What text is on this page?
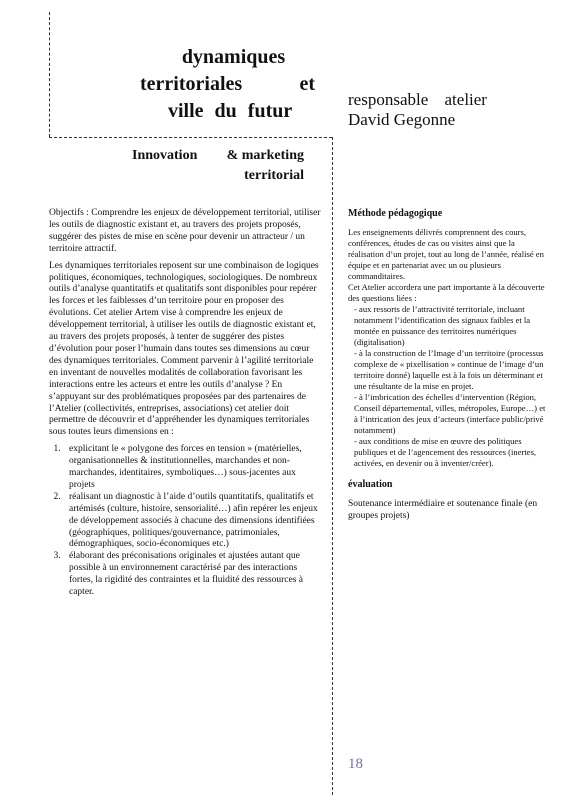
dynamiques
territoriales	et
ville du futur
responsable atelier
David Gegonne
Innovation & marketing
territorial

Objectifs : Comprendre les enjeux de développement territorial, utiliser les outils de diagnostic existant et, au travers des projets proposés, suggérer des pistes de mise en scène pour devenir un attracteur / un territoire attractif.

Les dynamiques territoriales reposent sur une combinaison de logiques politiques, économiques, technologiques, sociologiques. De nombreux outils d’analyse quantitatifs et qualitatifs sont disponibles pour repérer les forces et les faiblesses d’un territoire pour en proposer des évolutions. Cet atelier Artem vise à comprendre les enjeux de développement territorial, à utiliser les outils de diagnostic existant et, au travers des projets proposés, à tenter de suggérer des pistes d’évolution pour poser l’humain dans toutes ses dimensions au cœur des dynamiques territoriales. Comment parvenir à l’agilité territoriale en inventant de nouvelles modalités de collaboration favorisant les interactions entre les acteurs et entre les outils d’analyse ? En s’appuyant sur des problématiques proposées par des partenaires de l’Atelier (collectivités, entreprises, associations) cet atelier doit permettre de découvrir et d’appréhender les dynamiques territoriales sous toutes leurs dimensions en :

1. explicitant le « polygone des forces en tension » (matérielles, organisationnelles & institutionnelles, marchandes et non-marchandes, identitaires, symboliques…) sous-jacentes aux projets
2. réalisant un diagnostic à l’aide d’outils quantitatifs, qualitatifs et artémisés (culture, histoire, sensorialité…) afin repérer les enjeux de développement associés à chacune des dimensions identifiées (géographiques, politiques/gouvernance, patrimoniales, démographiques, socio-économiques etc.)
3. élaborant des préconisations originales et ajustées autant que possible à un environnement caractérisé par des interactions fortes, la rigidité des contraintes et la fluidité des ressources à capter.
Méthode pédagogique

Les enseignements délivrés comprennent des cours, conférences, études de cas ou visites ainsi que la réalisation d’un projet, tout au long de l’année, réalisé en équipe et en partenariat avec un ou plusieurs commanditaires.

Cet Atelier accordera une part importante à la découverte des questions liées :

- aux ressorts de l’attractivité territoriale, incluant notamment l’identification des signaux faibles et la montée en puissance des territoires numériques (digitalisation)
- à la construction de l’Image d’un territoire (processus complexe de « pixellisation » continue de l’image d’un territoire donné) laquelle est à la fois un déterminant et une résultante de la mise en projet.
- à l’imbrication des échelles d’intervention (Région, Conseil départemental, villes, métropoles, Europe…) et à l’intrication des jeux d’acteurs (interface public/privé notamment)
- aux conditions de mise en œuvre des politiques publiques et de l’agencement des ressources (inertes, activées, en devenir ou à inventer/créer).
évaluation
Soutenance intermédiaire et soutenance finale (en groupes projets)
18
